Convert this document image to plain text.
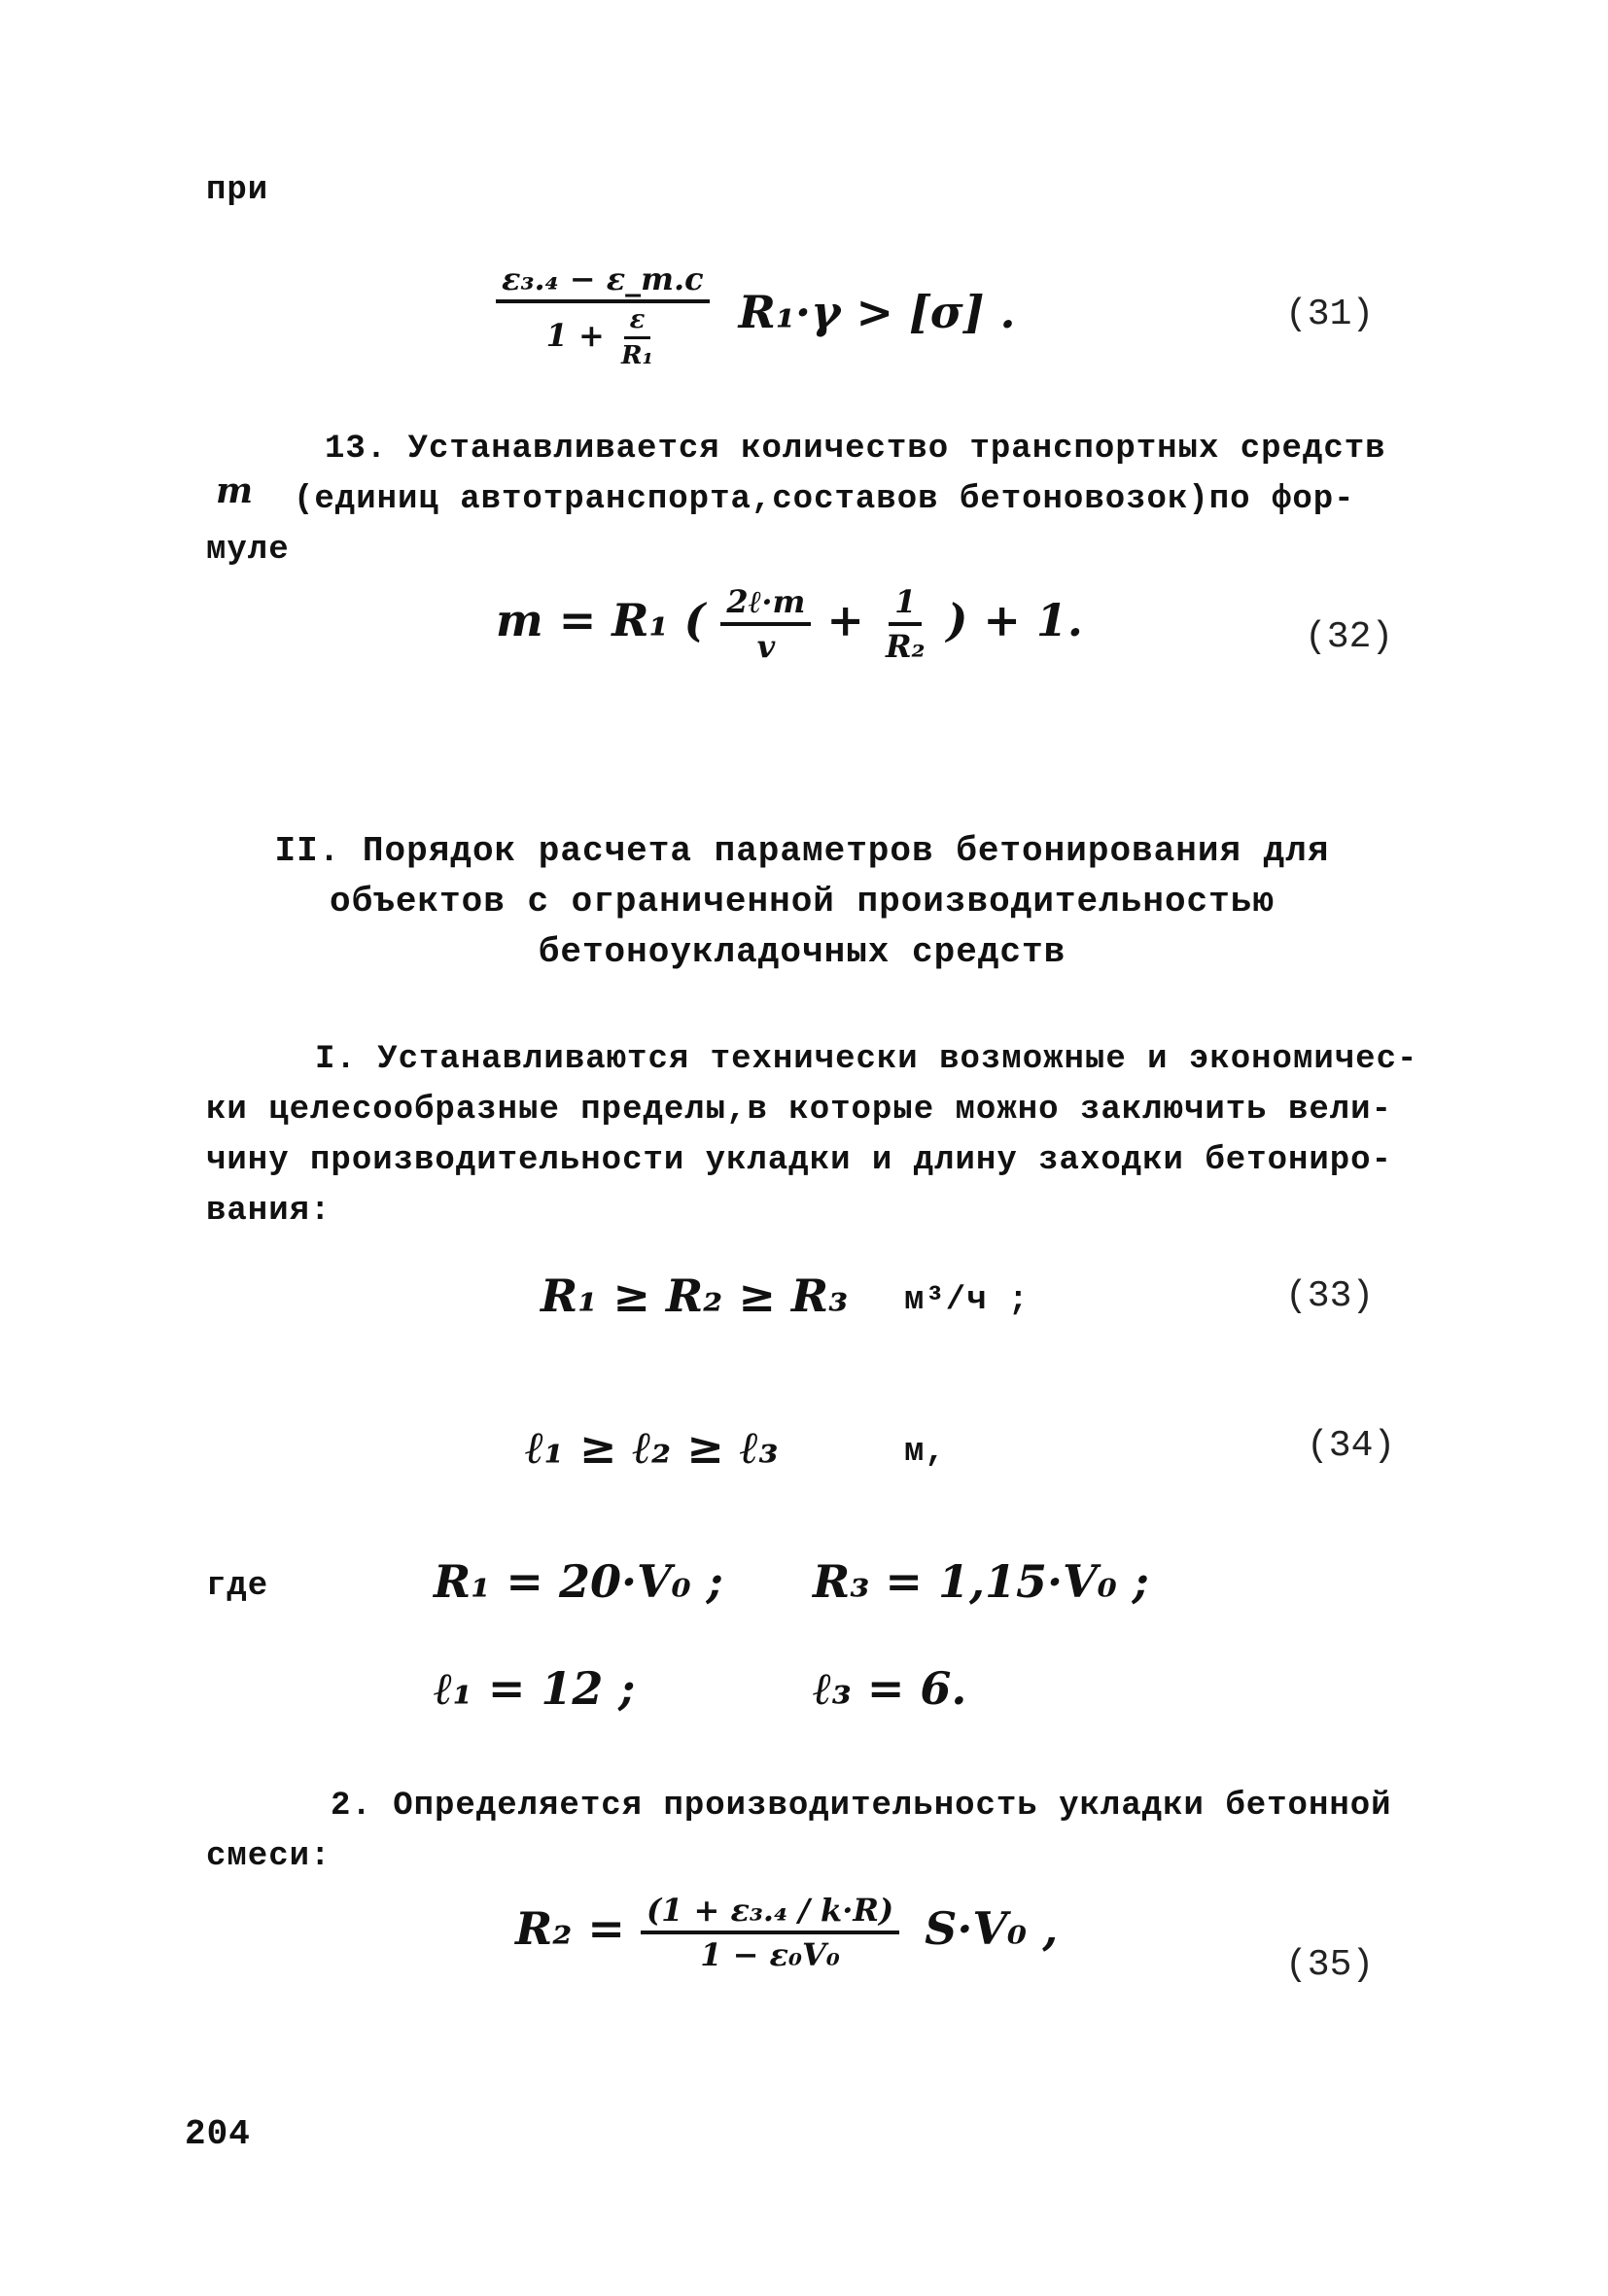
при
$\frac{\text{ε₃.₄ − ε\_т.с}}{1 + \frac{\varepsilon}{\text{R₁}}} R_1\cdot\gamma > [\sigma]$ .	(31)
13. Устанавливается количество транспортных средств
(единиц автотранспорта,составов бетоновозок)по фор-
муле
m
m = R₁ ( $\frac{\text{2ℓ·m}}{v} + \frac{1}{\text{R₂}}$ ) + 1.	(32)
II. Порядок расчета параметров бетонирования для
объектов с ограниченной производительностью
бетоноукладочных средств
I. Устанавливаются технически возможные и экономичес-
ки целесообразные пределы,в которые можно заключить вели-
чину производительности укладки и длину заходки бетониро-
вания:
R₁ ≥ R₂ ≥ R₃ м³/ч ;	(33)
ℓ₁ ≥ ℓ₂ ≥ ℓ₃	м,	(34)
где	R₁ = 20·V₀ ; R₃ = 1,15·V₀ ;
ℓ₁ = 12 ;	ℓ₃ = 6.
2. Определяется производительность укладки бетонной
смеси:
$R_2 = \frac{\text{(1 + ε₃.₄ / k·R)}}{\text{1 − ε₀V₀}} S\cdot V_0$ ,
(35)
204
